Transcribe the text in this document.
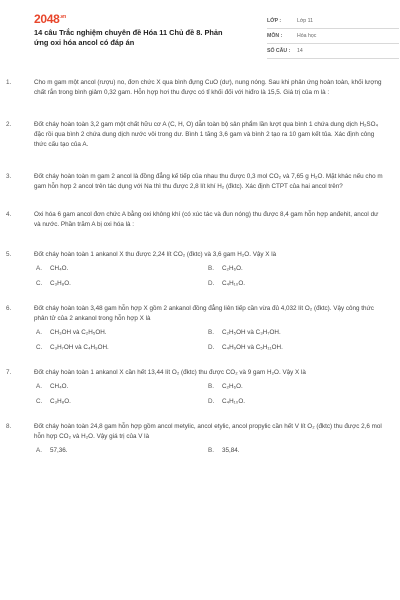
$2048^{.vn}$
14 câu Trắc nghiệm chuyên đề Hóa 11 Chủ đề 8. Phản ứng oxi hóa ancol có đáp án
LỚP :	Lớp 11
MÔN :	Hóa học
SỐ CÂU :	14
1.	Cho m gam một ancol (rượu) no, đơn chức X qua bình đựng CuO (dư), nung nóng. Sau khi phản ứng hoàn toàn, khối lượng chất rắn trong bình giảm 0,32 gam. Hỗn hợp hơi thu được có tỉ khối đối với hiđro là 15,5. Giá trị của m là :
2.	Đốt cháy hoàn toàn 3,2 gam một chất hữu cơ A (C, H, O) dẫn toàn bộ sản phẩm lần lượt qua bình 1 chứa dung dịch H₂SO₄ đặc rồi qua bình 2 chứa dung dịch nước vôi trong dư. Bình 1 tăng 3,6 gam và bình 2 tạo ra 10 gam kết tủa. Xác định công thức cấu tạo của A.
3.	Đốt cháy hoàn toàn m gam 2 ancol là đồng đẳng kế tiếp của nhau thu được 0,3 mol CO₂ và 7,65 g H₂O. Mặt khác nếu cho m gam hỗn hợp 2 ancol trên tác dụng với Na thì thu được 2,8 lít khí H₂ (đktc). Xác định CTPT của hai ancol trên?
4.	Oxi hóa 6 gam ancol đơn chức A bằng oxi không khí (có xúc tác và đun nóng) thu được 8,4 gam hỗn hợp anđehit, ancol dư và nước. Phần trăm A bị oxi hóa là :
5.	Đốt cháy hoàn toàn 1 ankanol X thu được 2,24 lít CO₂ (đktc) và 3,6 gam H₂O. Vậy X là
A. CH₄O.	B. C₂H₆O.
C. C₃H₈O.	D. C₄H₁₀O.
6.	Đốt cháy hoàn toàn 3,48 gam hỗn hợp X gồm 2 ankanol đồng đẳng liên tiếp cần vừa đủ 4,032 lít O₂ (đktc). Vậy công thức phân tử của 2 ankanol trong hỗn hợp X là
A. CH₃OH và C₂H₅OH.	B. C₂H₅OH và C₃H₇OH.
C. C₃H₇OH và C₄H₉OH.	D. C₄H₉OH và C₅H₁₁OH.
7.	Đốt cháy hoàn toàn 1 ankanol X cần hết 13,44 lít O₂ (đktc) thu được CO₂ và 9 gam H₂O. Vậy X là
A. CH₄O.	B. C₂H₆O.
C. C₃H₈O.	D. C₄H₁₀O.
8.	Đốt cháy hoàn toàn 24,8 gam hỗn hợp gồm ancol metylic, ancol etylic, ancol propylic cần hết V lít O₂ (đktc) thu được 2,6 mol hỗn hợp CO₂ và H₂O. Vậy giá trị của V là
A. 57,36.	B. 35,84.
